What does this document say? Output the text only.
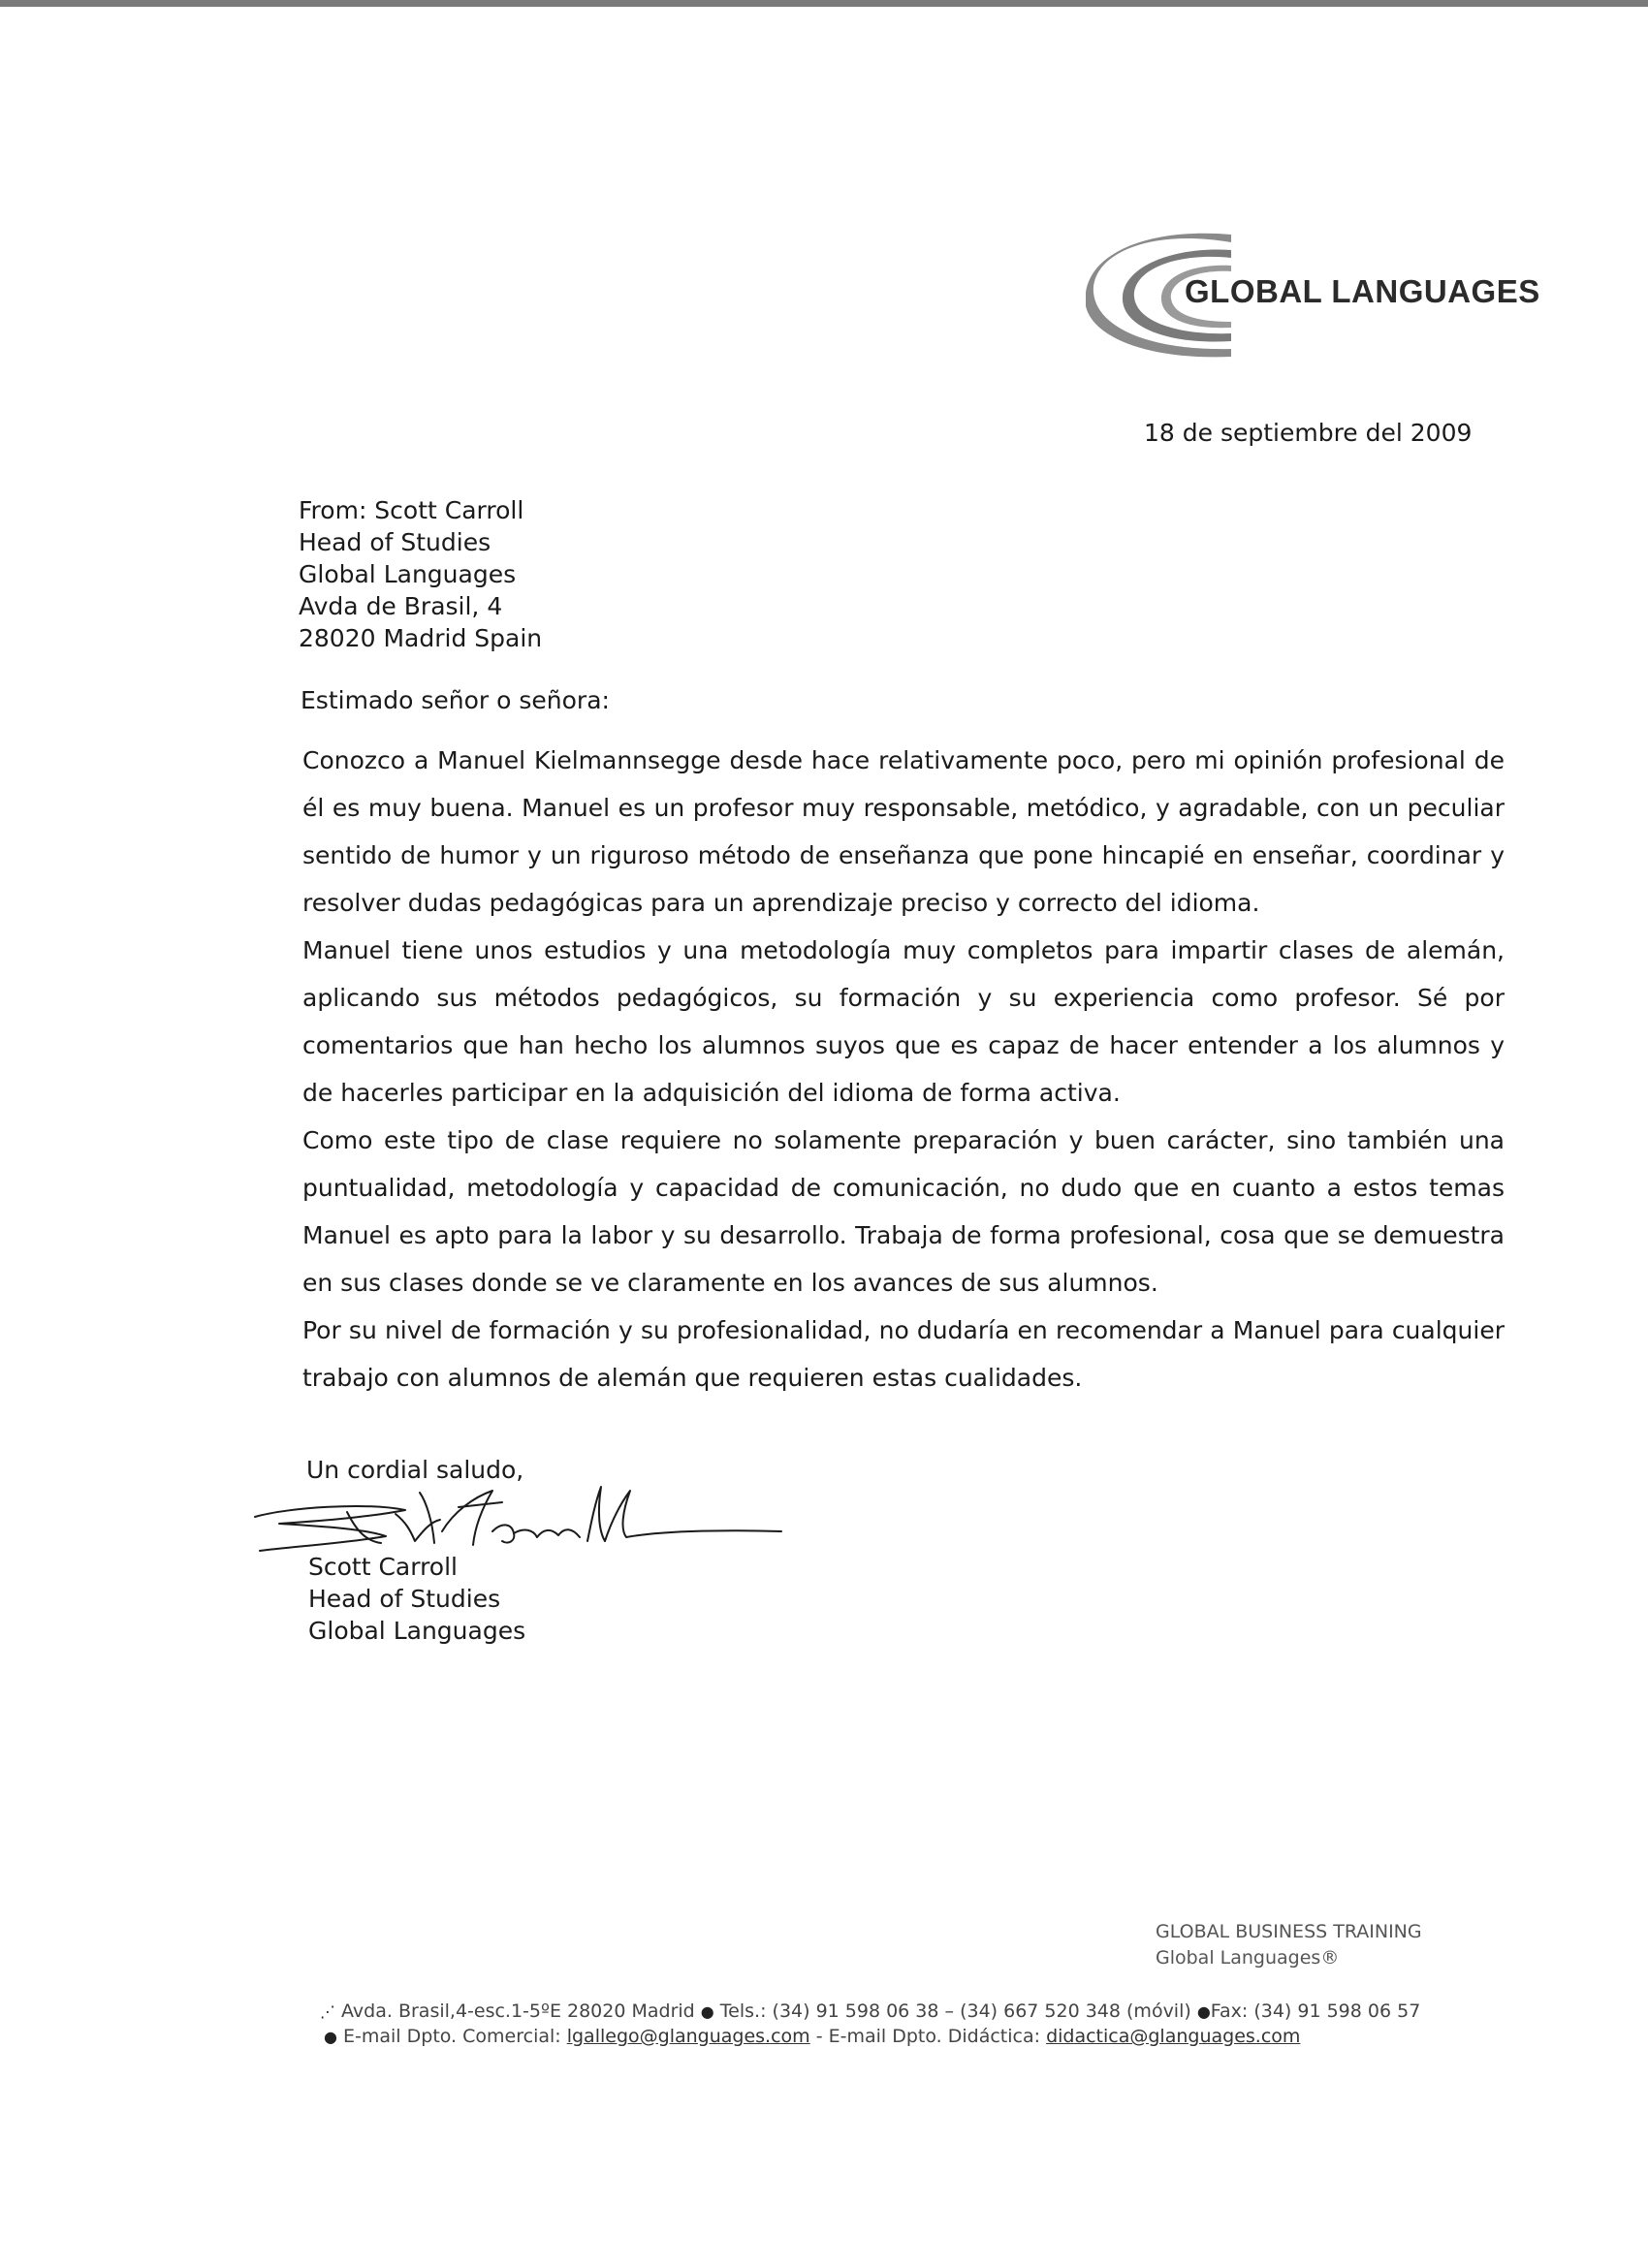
GLOBAL LANGUAGES
18 de septiembre del 2009
From: Scott Carroll
Head of Studies
Global Languages
Avda de Brasil, 4
28020 Madrid Spain
Estimado señor o señora:

Conozco a Manuel Kielmannsegge desde hace relativamente poco, pero mi opinión profesional de él es muy buena. Manuel es un profesor muy responsable, metódico, y agradable, con un peculiar sentido de humor y un riguroso método de enseñanza que pone hincapié en enseñar, coordinar y resolver dudas pedagógicas para un aprendizaje preciso y correcto del idioma.

Manuel tiene unos estudios y una metodología muy completos para impartir clases de alemán, aplicando sus métodos pedagógicos, su formación y su experiencia como profesor. Sé por comentarios que han hecho los alumnos suyos que es capaz de hacer entender a los alumnos y de hacerles participar en la adquisición del idioma de forma activa.

Como este tipo de clase requiere no solamente preparación y buen carácter, sino también una puntualidad, metodología y capacidad de comunicación, no dudo que en cuanto a estos temas Manuel es apto para la labor y su desarrollo. Trabaja de forma profesional, cosa que se demuestra en sus clases donde se ve claramente en los avances de sus alumnos.

Por su nivel de formación y su profesionalidad, no dudaría en recomendar a Manuel para cualquier trabajo con alumnos de alemán que requieren estas cualidades.

Un cordial saludo,
Scott Carroll
Head of Studies
Global Languages
GLOBAL BUSINESS TRAINING
Global Languages®
⋰ Avda. Brasil,4-esc.1-5ºE 28020 Madrid ● Tels.: (34) 91 598 06 38 – (34) 667 520 348 (móvil) ●Fax: (34) 91 598 06 57
● E-mail Dpto. Comercial: lgallego@glanguages.com - E-mail Dpto. Didáctica: didactica@glanguages.com
